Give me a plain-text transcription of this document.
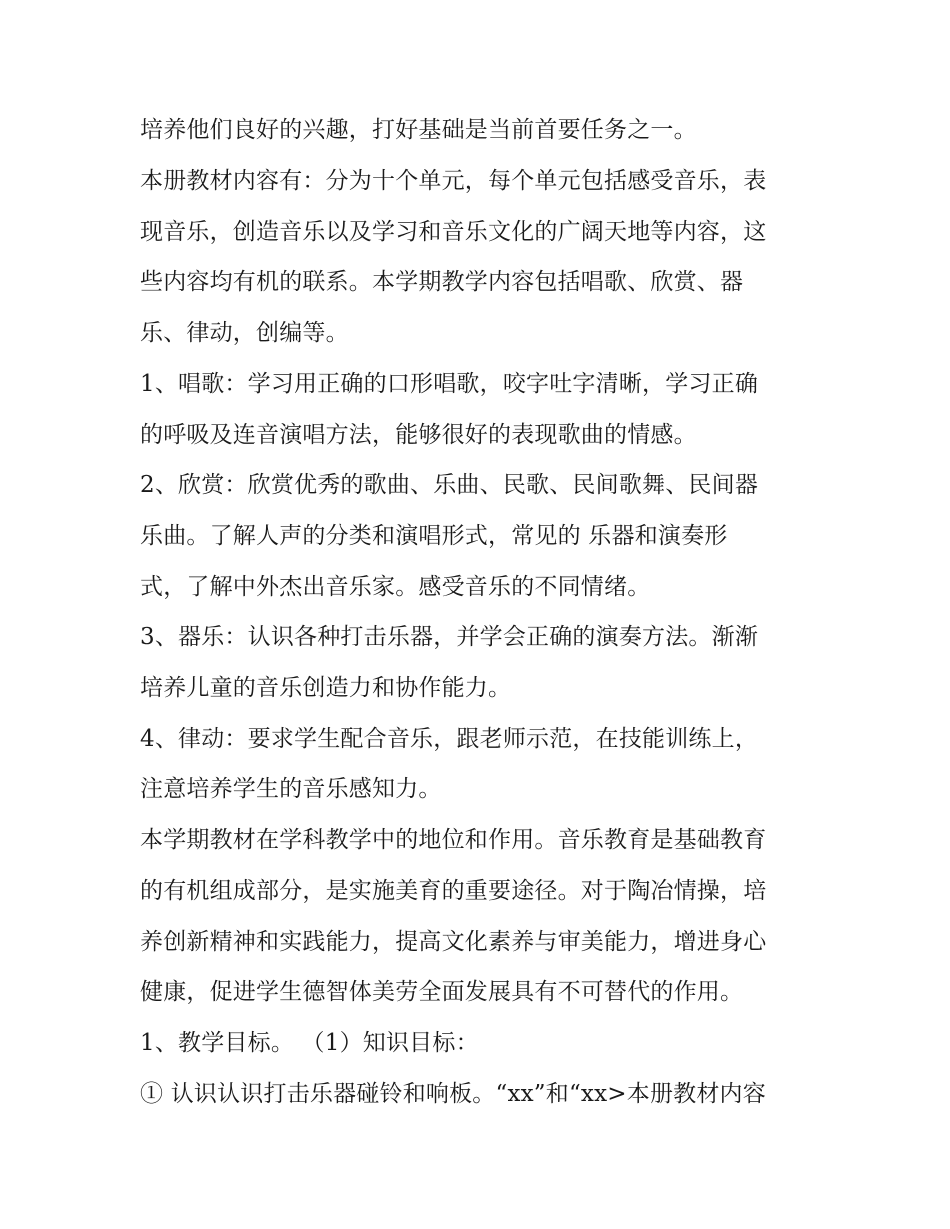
培养他们良好的兴趣，打好基础是当前首要任务之一。
本册教材内容有：分为十个单元，每个单元包括感受音乐，表
现音乐，创造音乐以及学习和音乐文化的广阔天地等内容，这
些内容均有机的联系。本学期教学内容包括唱歌、欣赏、器
乐、律动，创编等。
1、唱歌：学习用正确的口形唱歌，咬字吐字清晰，学习正确
的呼吸及连音演唱方法，能够很好的表现歌曲的情感。
2、欣赏：欣赏优秀的歌曲、乐曲、民歌、民间歌舞、民间器
乐曲。了解人声的分类和演唱形式，常见的 乐器和演奏形
式，了解中外杰出音乐家。感受音乐的不同情绪。
3、器乐：认识各种打击乐器，并学会正确的演奏方法。渐渐
培养儿童的音乐创造力和协作能力。
4、律动：要求学生配合音乐，跟老师示范，在技能训练上，
注意培养学生的音乐感知力。
本学期教材在学科教学中的地位和作用。音乐教育是基础教育
的有机组成部分，是实施美育的重要途径。对于陶冶情操，培
养创新精神和实践能力，提高文化素养与审美能力，增进身心
健康，促进学生德智体美劳全面发展具有不可替代的作用。
1、教学目标。 （1）知识目标：
① 认识认识打击乐器碰铃和响板。“xx”和“xx>本册教材内容
